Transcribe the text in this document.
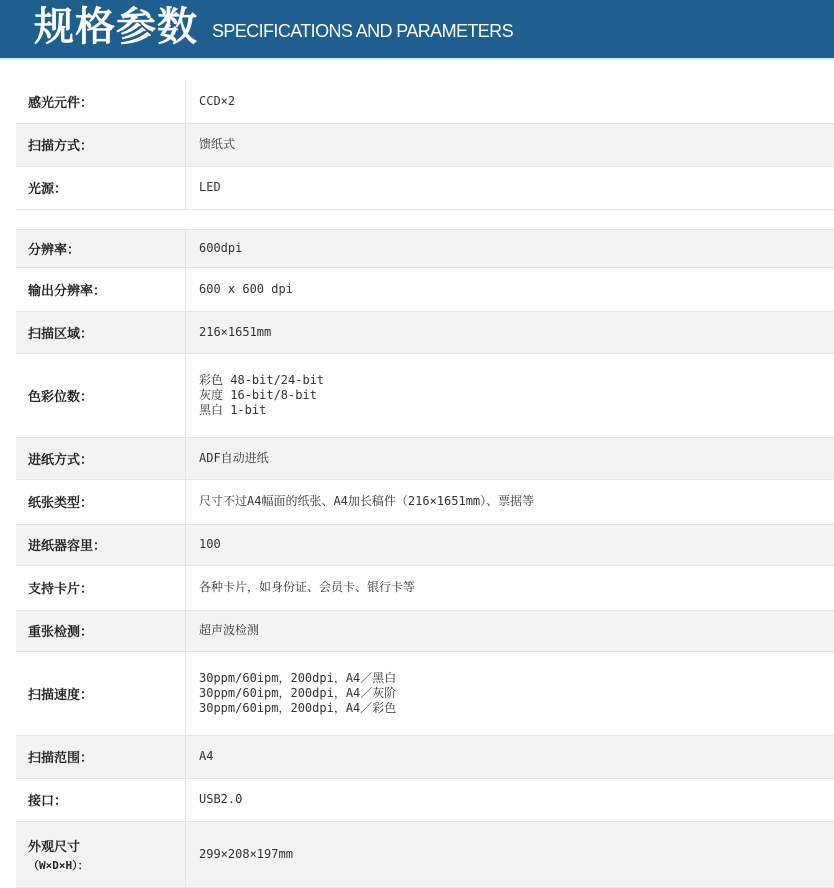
规格参数 SPECIFICATIONS AND PARAMETERS
感光元件：	CCD×2

扫描方式：	馈纸式

光源：	LED

分辨率：	600dpi

输出分辨率：	600 x 600 dpi

扫描区域：	216×1651mm

色彩位数：	彩色 48-bit/24-bit
灰度 16-bit/8-bit
黑白 1-bit

进纸方式：	ADF自动进纸

纸张类型：	尺寸不过A4幅面的纸张、A4加长稿件（216×1651mm）、票据等

进纸器容里：	100

支持卡片：	各种卡片，如身份证、会员卡、银行卡等

重张检测：	超声波检测

扫描速度：	30ppm/60ipm，200dpi，A4／黑白
30ppm/60ipm，200dpi，A4／灰阶
30ppm/60ipm，200dpi，A4／彩色

扫描范围：	A4

接口：	USB2.0

外观尺寸
（W×D×H）：	299×208×197mm
